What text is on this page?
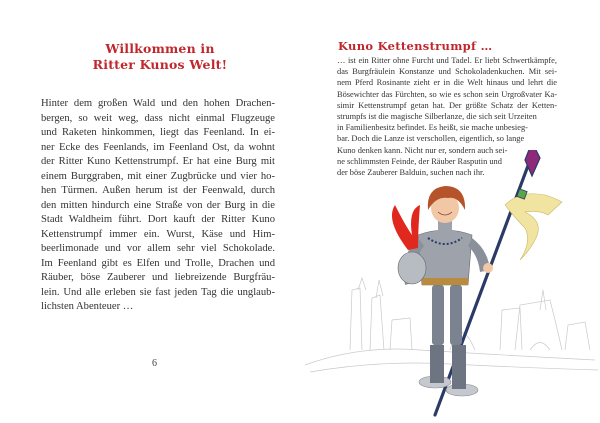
Willkommen in
Ritter Kunos Welt!
Hinter dem großen Wald und den hohen Drachen-
bergen, so weit weg, dass nicht einmal Flugzeuge
und Raketen hinkommen, liegt das Feenland. In ei-
ner Ecke des Feenlands, im Feenland Ost, da wohnt
der Ritter Kuno Kettenstrumpf. Er hat eine Burg mit
einem Burggraben, mit einer Zugbrücke und vier ho-
hen Türmen. Außen herum ist der Feenwald, durch
den mitten hindurch eine Straße von der Burg in die
Stadt Waldheim führt. Dort kauft der Ritter Kuno
Kettenstrumpf immer ein. Wurst, Käse und Him-
beerlimonade und vor allem sehr viel Schokolade.
Im Feenland gibt es Elfen und Trolle, Drachen und
Räuber, böse Zauberer und liebreizende Burgfräu-
lein. Und alle erleben sie fast jeden Tag die unglaub-
lichsten Abenteuer …
6
Kuno Kettenstrumpf …
… ist ein Ritter ohne Furcht und Tadel. Er liebt Schwertkämpfe,
das Burgfräulein Konstanze und Schokoladenkuchen. Mit sei-
nem Pferd Rosinante zieht er in die Welt hinaus und lehrt die
Bösewichter das Fürchten, so wie es schon sein Urgroßvater Ka-
simir Kettenstrumpf getan hat. Der größte Schatz der Ketten-
strumpfs ist die magische Silberlanze, die sich seit Urzeiten
in Familienbesitz befindet. Es heißt, sie mache unbesieg-
bar. Doch die Lanze ist verschollen, eigentlich, so lange
Kuno denken kann. Nicht nur er, sondern auch sei-
ne schlimmsten Feinde, der Räuber Rasputin und
der böse Zauberer Balduin, suchen nach ihr.
